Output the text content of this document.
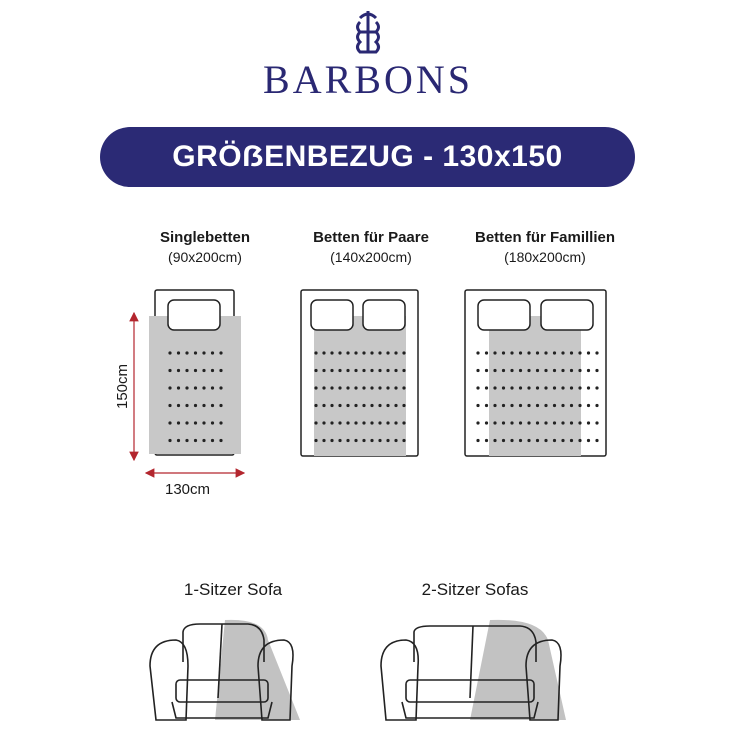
BARBONS
GRÖẞENBEZUG - 130x150
Singlebetten
(90x200cm)
Betten für Paare
(140x200cm)
Betten für Famillien
(180x200cm)
150cm
130cm
1-Sitzer Sofa	2-Sitzer Sofas
